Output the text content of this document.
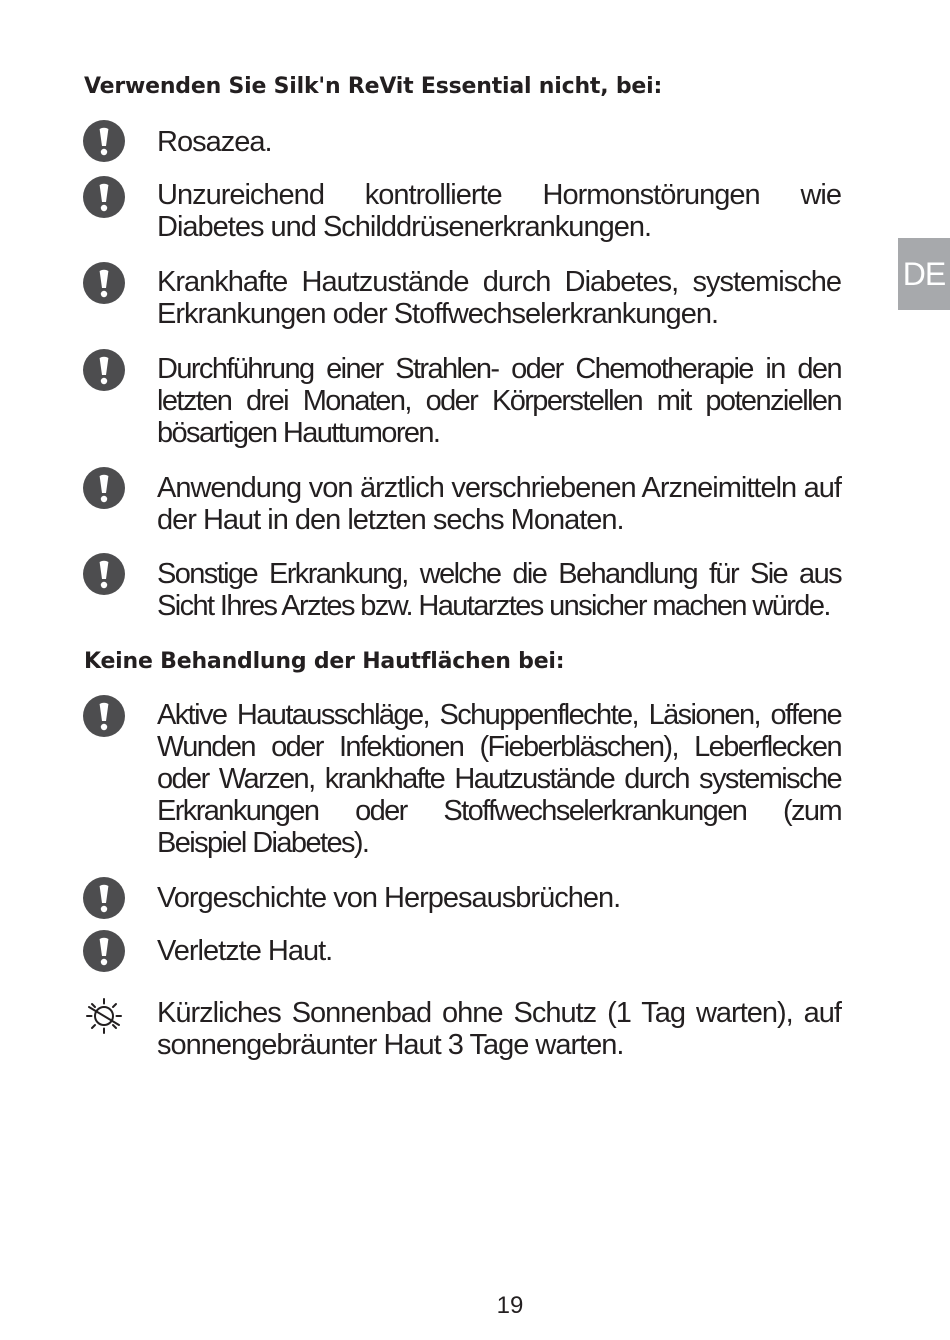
DE
Verwenden Sie Silk'n ReVit Essential nicht, bei:
Rosazea.
Unzureichend kontrollierte Hormonstörungen wie Diabetes und Schilddrüsenerkrankungen.
Krankhafte Hautzustände durch Diabetes, systemische Erkrankungen oder Stoffwechselerkrankungen.
Durchführung einer Strahlen- oder Chemotherapie in den letzten drei Monaten, oder Körperstellen mit potenziellen bösartigen Hauttumoren.
Anwendung von ärztlich verschriebenen Arzneimitteln auf der Haut in den letzten sechs Monaten.
Sonstige Erkrankung, welche die Behandlung für Sie aus Sicht Ihres Arztes bzw. Hautarztes unsicher machen würde.
Keine Behandlung der Hautflächen bei:
Aktive Hautausschläge, Schuppenflechte, Läsionen, offene Wunden oder Infektionen (Fieberbläschen), Leberflecken oder Warzen, krankhafte Hautzustände durch systemische Erkrankungen oder Stoffwechselerkrankungen (zum Beispiel Diabetes).
Vorgeschichte von Herpesausbrüchen.
Verletzte Haut.
Kürzliches Sonnenbad ohne Schutz (1 Tag warten), auf sonnengebräunter Haut 3 Tage warten.
19
